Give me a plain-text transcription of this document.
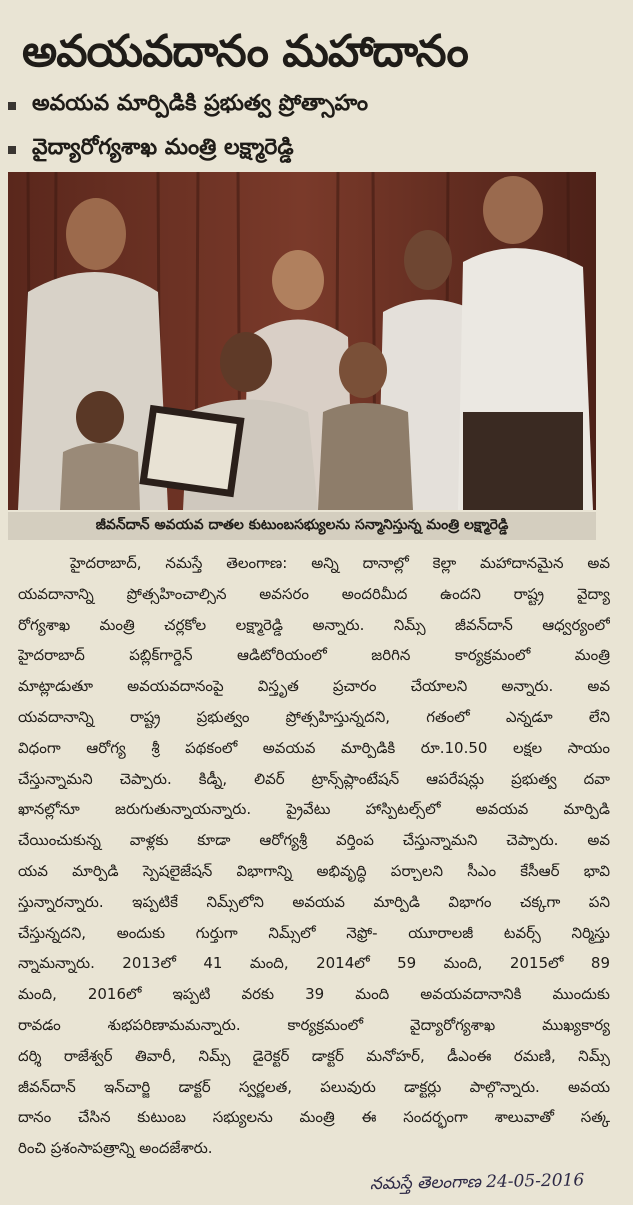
అవయవదానం మహాదానం
అవయవ మార్పిడికి ప్రభుత్వ ప్రోత్సాహం
వైద్యారోగ్యశాఖ మంత్రి లక్ష్మారెడ్డి
జీవన్‌దాన్ అవయవ దాతల కుటుంబసభ్యులను సన్మానిస్తున్న మంత్రి లక్ష్మారెడ్డి
హైదరాబాద్, నమస్తే తెలంగాణ: అన్ని దానాల్లో కెల్లా మహాదానమైన అవ
యవదానాన్ని ప్రోత్సహించాల్సిన అవసరం అందరిమీద ఉందని రాష్ట్ర వైద్యా
రోగ్యశాఖ మంత్రి చర్లకోల లక్ష్మారెడ్డి అన్నారు. నిమ్స్ జీవన్‌దాన్ ఆధ్వర్యంలో
హైదరాబాద్ పబ్లిక్‌గార్డెన్ ఆడిటోరియంలో జరిగిన కార్యక్రమంలో మంత్రి
మాట్లాడుతూ అవయవదానంపై విస్తృత ప్రచారం చేయాలని అన్నారు. అవ
యవదానాన్ని రాష్ట్ర ప్రభుత్వం ప్రోత్సహిస్తున్నదని, గతంలో ఎన్నడూ లేని
విధంగా ఆరోగ్య శ్రీ పథకంలో అవయవ మార్పిడికి రూ.10.50 లక్షల సాయం
చేస్తున్నామని చెప్పారు. కిడ్నీ, లివర్ ట్రాన్స్‌ప్లాంటేషన్ ఆపరేషన్లు ప్రభుత్వ దవా
ఖానల్లోనూ జరుగుతున్నాయన్నారు. ప్రైవేటు హాస్పిటల్స్‌లో అవయవ మార్పిడి
చేయించుకున్న వాళ్లకు కూడా ఆరోగ్యశ్రీ వర్తింప చేస్తున్నామని చెప్పారు. అవ
యవ మార్పిడి స్పెషలైజేషన్ విభాగాన్ని అభివృద్ధి పర్చాలని సీఎం కేసీఆర్ భావి
స్తున్నారన్నారు. ఇప్పటికే నిమ్స్‌లోని అవయవ మార్పిడి విభాగం చక్కగా పని
చేస్తున్నదని, అందుకు గుర్తుగా నిమ్స్‌లో నెఫ్రో- యూరాలజీ టవర్స్ నిర్మిస్తు
న్నామన్నారు. 2013లో 41 మంది, 2014లో 59 మంది, 2015లో 89
మంది, 2016లో ఇప్పటి వరకు 39 మంది అవయవదానానికి ముందుకు
రావడం శుభపరిణామమన్నారు. కార్యక్రమంలో వైద్యారోగ్యశాఖ ముఖ్యకార్య
దర్శి రాజేశ్వర్ తివారీ, నిమ్స్ డైరెక్టర్ డాక్టర్ మనోహర్, డీఎంఈ రమణి, నిమ్స్
జీవన్‌దాన్ ఇన్‌చార్జి డాక్టర్ స్వర్ణలత, పలువురు డాక్టర్లు పాల్గొన్నారు. అవయ
దానం చేసిన కుటుంబ సభ్యులను మంత్రి ఈ సందర్భంగా శాలువాతో సత్క
రించి ప్రశంసాపత్రాన్ని అందజేశారు.
నమస్తే తెలంగాణ 24-05-2016
